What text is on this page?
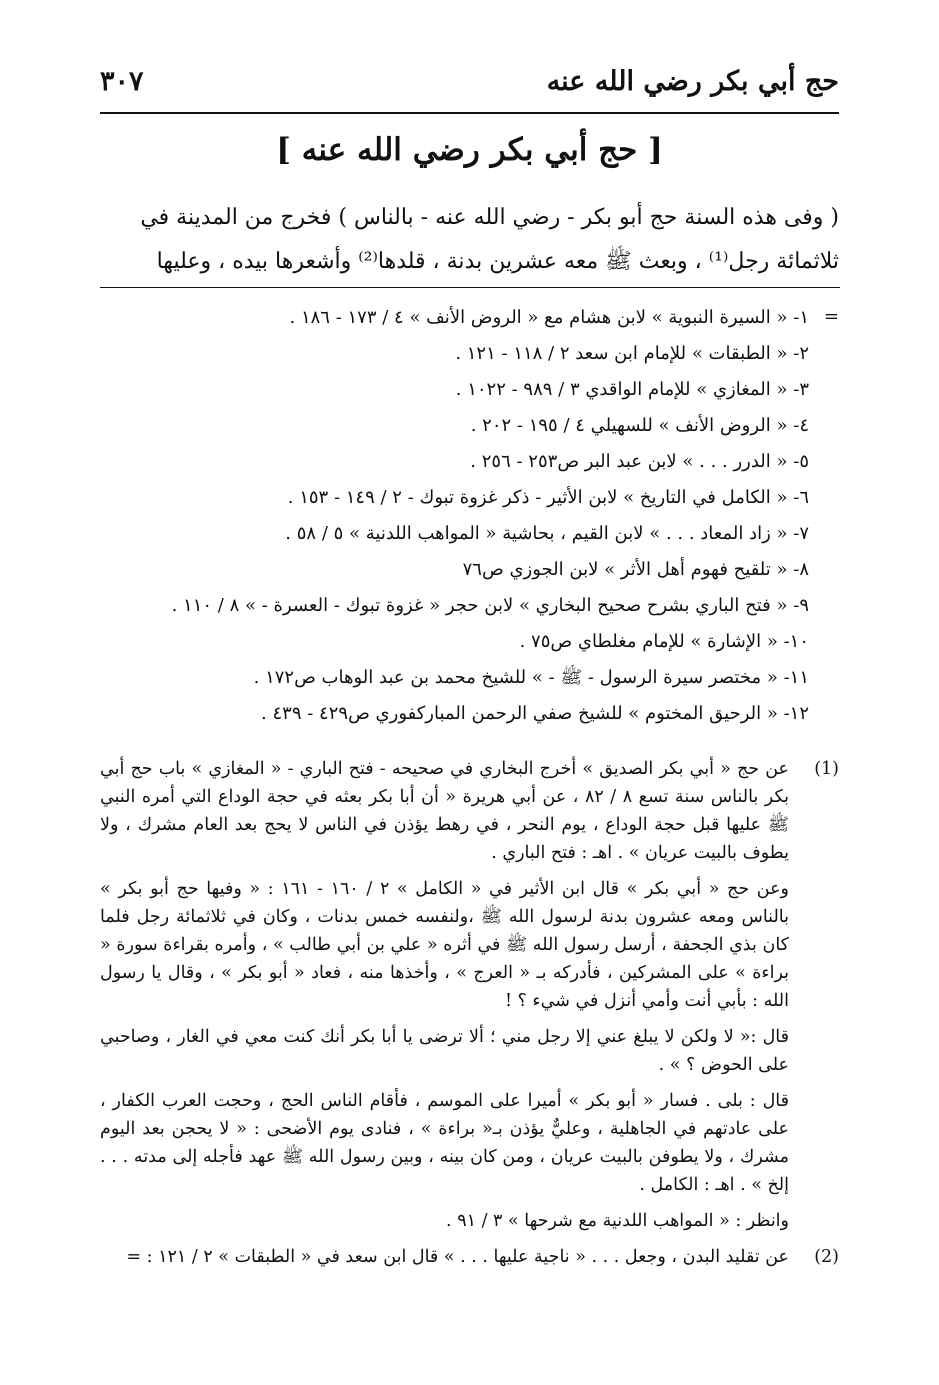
حج أبي بكر رضي الله عنه
٣٠٧
[ حج أبي بكر رضي الله عنه ]
( وفى هذه السنة حج أبو بكر - رضي الله عنه - بالناس ) فخرج من المدينة في
ثلاثمائة رجل⁽¹⁾ ، وبعث ﷺ معه عشرين بدنة ، قلدها⁽²⁾ وأشعرها بيده ، وعليها
=
١- « السيرة النبوية » لابن هشام مع « الروض الأنف » ٤ / ١٧٣ - ١٨٦ .
٢- « الطبقات » للإمام ابن سعد ٢ / ١١٨ - ١٢١ .
٣- « المغازي » للإمام الواقدي ٣ / ٩٨٩ - ١٠٢٢ .
٤- « الروض الأنف » للسهيلي ٤ / ١٩٥ - ٢٠٢ .
٥- « الدرر . . . » لابن عبد البر ص٢٥٣ - ٢٥٦ .
٦- « الكامل في التاريخ » لابن الأثير - ذكر غزوة تبوك - ٢ / ١٤٩ - ١٥٣ .
٧- « زاد المعاد . . . » لابن القيم ، بحاشية « المواهب اللدنية » ٥ / ٥٨ .
٨- « تلقيح فهوم أهل الأثر » لابن الجوزي ص٧٦
٩- « فتح الباري بشرح صحيح البخاري » لابن حجر « غزوة تبوك - العسرة - » ٨ / ١١٠ .
١٠- « الإشارة » للإمام مغلطاي ص٧٥ .
١١- « مختصر سيرة الرسول - ﷺ - » للشيخ محمد بن عبد الوهاب ص١٧٢ .
١٢- « الرحيق المختوم » للشيخ صفي الرحمن المباركفوري ص٤٢٩ - ٤٣٩ .
(1)

عن حج « أبي بكر الصديق » أخرج البخاري في صحيحه - فتح الباري - « المغازي » باب حج أبي بكر بالناس سنة تسع ٨ / ٨٢ ، عن أبي هريرة « أن أبا بكر بعثه في حجة الوداع التي أمره النبي ﷺ عليها قبل حجة الوداع ، يوم النحر ، في رهط يؤذن في الناس لا يحج بعد العام مشرك ، ولا يطوف بالبيت عريان » . اهـ : فتح الباري .

وعن حج « أبي بكر » قال ابن الأثير في « الكامل » ٢ / ١٦٠ - ١٦١ : « وفيها حج أبو بكر » بالناس ومعه عشرون بدنة لرسول الله ﷺ ،ولنفسه خمس بدنات ، وكان في ثلاثمائة رجل فلما كان بذي الجحفة ، أرسل رسول الله ﷺ في أثره « علي بن أبي طالب » ، وأمره بقراءة سورة « براءة » على المشركين ، فأدركه بـ « العرج » ، وأخذها منه ، فعاد « أبو بكر » ، وقال يا رسول الله : بأبي أنت وأمي أنزل في شيء ؟ !

قال :« لا ولكن لا يبلغ عني إلا رجل مني ؛ ألا ترضى يا أبا بكر أنك كنت معي في الغار ، وصاحبي على الحوض ؟ » .

قال : بلى . فسار « أبو بكر » أميرا على الموسم ، فأقام الناس الحج ، وحجت العرب الكفار ، على عادتهم في الجاهلية ، وعليٌّ يؤذن بـ« براءة » ، فنادى يوم الأضحى : « لا يحجن بعد اليوم مشرك ، ولا يطوفن بالبيت عريان ، ومن كان بينه ، وبين رسول الله ﷺ عهد فأجله إلى مدته . . . إلخ » . اهـ : الكامل .

وانظر : « المواهب اللدنية مع شرحها » ٣ / ٩١ .

(2)

عن تقليد البدن ، وجعل . . . « ناجية عليها . . . » قال ابن سعد في « الطبقات » ٢ / ١٢١ : =
